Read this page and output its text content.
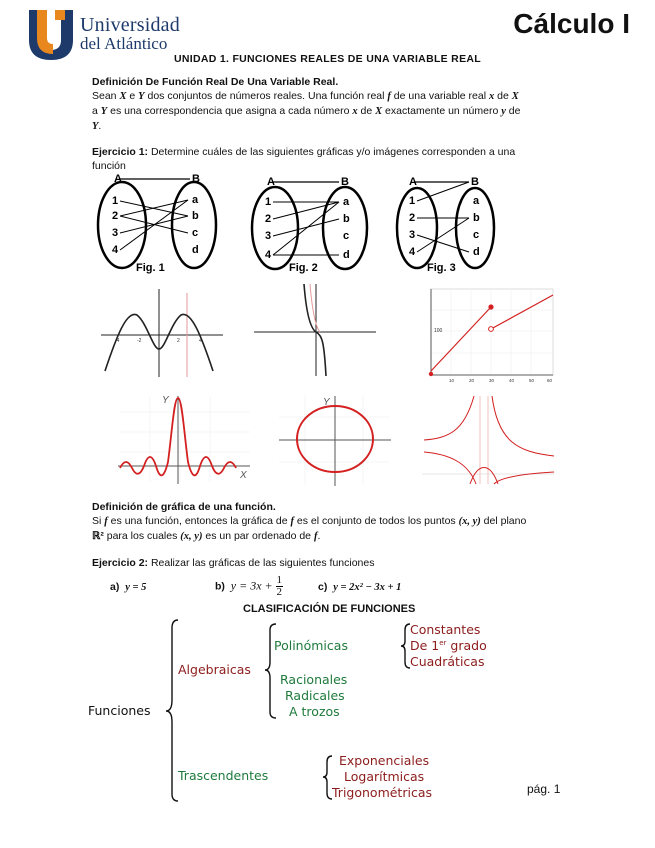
Universidad
del Atlántico
Cálculo I
UNIDAD 1. FUNCIONES REALES DE UNA VARIABLE REAL
Definición De Función Real De Una Variable Real.
Sean X e Y dos conjuntos de números reales. Una función real f de una variable real x de X
a Y es una correspondencia que asigna a cada número x de X exactamente un número y de
Y.
Ejercicio 1: Determine cuáles de las siguientes gráficas y/o imágenes corresponden a una
función
A	B
1
2
3
4
a
b
c
d
Fig. 1
A	B
1
2
3
4
a
b
c
d
Fig. 2
A	B
1
2
3
4
a
b
c
d
Fig. 3
-4	-2	2	4
100
10	20	30	40	50	60
Y
X
Y
Definición de gráfica de una función.
Si f es una función, entonces la gráfica de f es el conjunto de todos los puntos (x, y) del plano
ℝ² para los cuales (x, y) es un par ordenado de f.
Ejercicio 2: Realizar las gráficas de las siguientes funciones
a) y = 5	b) $y = 3x + \frac{1}{2}$	c) y = 2x² − 3x + 1
CLASIFICACIÓN DE FUNCIONES
Funciones
Algebraicas
Polinómicas
Constantes
De 1er grado
Cuadráticas
Racionales
Radicales
A trozos
Trascendentes
Exponenciales
Logarítmicas
Trigonométricas	pág. 1
